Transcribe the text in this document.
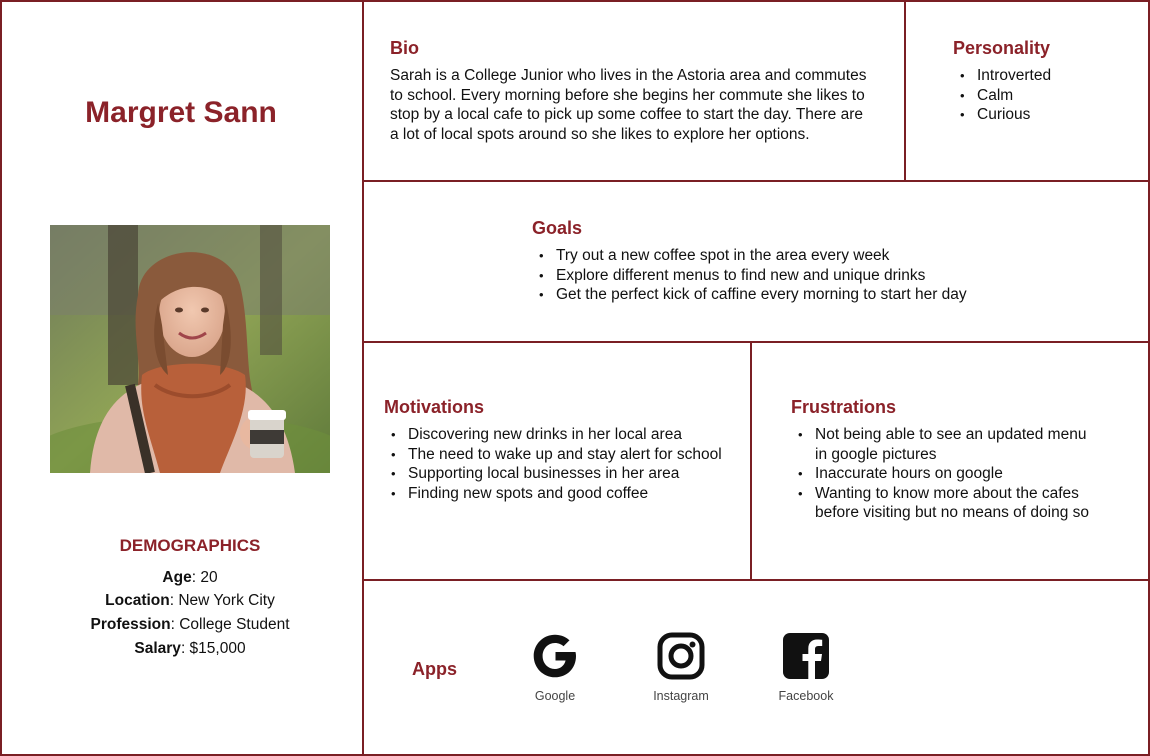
Margret Sann
DEMOGRAPHICS
Age: 20
Location: New York City
Profession: College Student
Salary: $15,000
Bio
Sarah is a College Junior who lives in the Astoria area and commutes
to school. Every morning before she begins her commute she likes to
stop by a local cafe to pick up some coffee to start the day. There are
a lot of local spots around so she likes to explore her options.
Personality
• Introverted
• Calm
• Curious
Goals
• Try out a new coffee spot in the area every week
• Explore different menus to find new and unique drinks
• Get the perfect kick of caffine every morning to start her day
Motivations
• Discovering new drinks in her local area
• The need to wake up and stay alert for school
• Supporting local businesses in her area
• Finding new spots and good coffee
Frustrations
• Not being able to see an updated menu
in google pictures
• Inaccurate hours on google
• Wanting to know more about the cafes
before visiting but no means of doing so
Apps
Google	Instagram	Facebook
